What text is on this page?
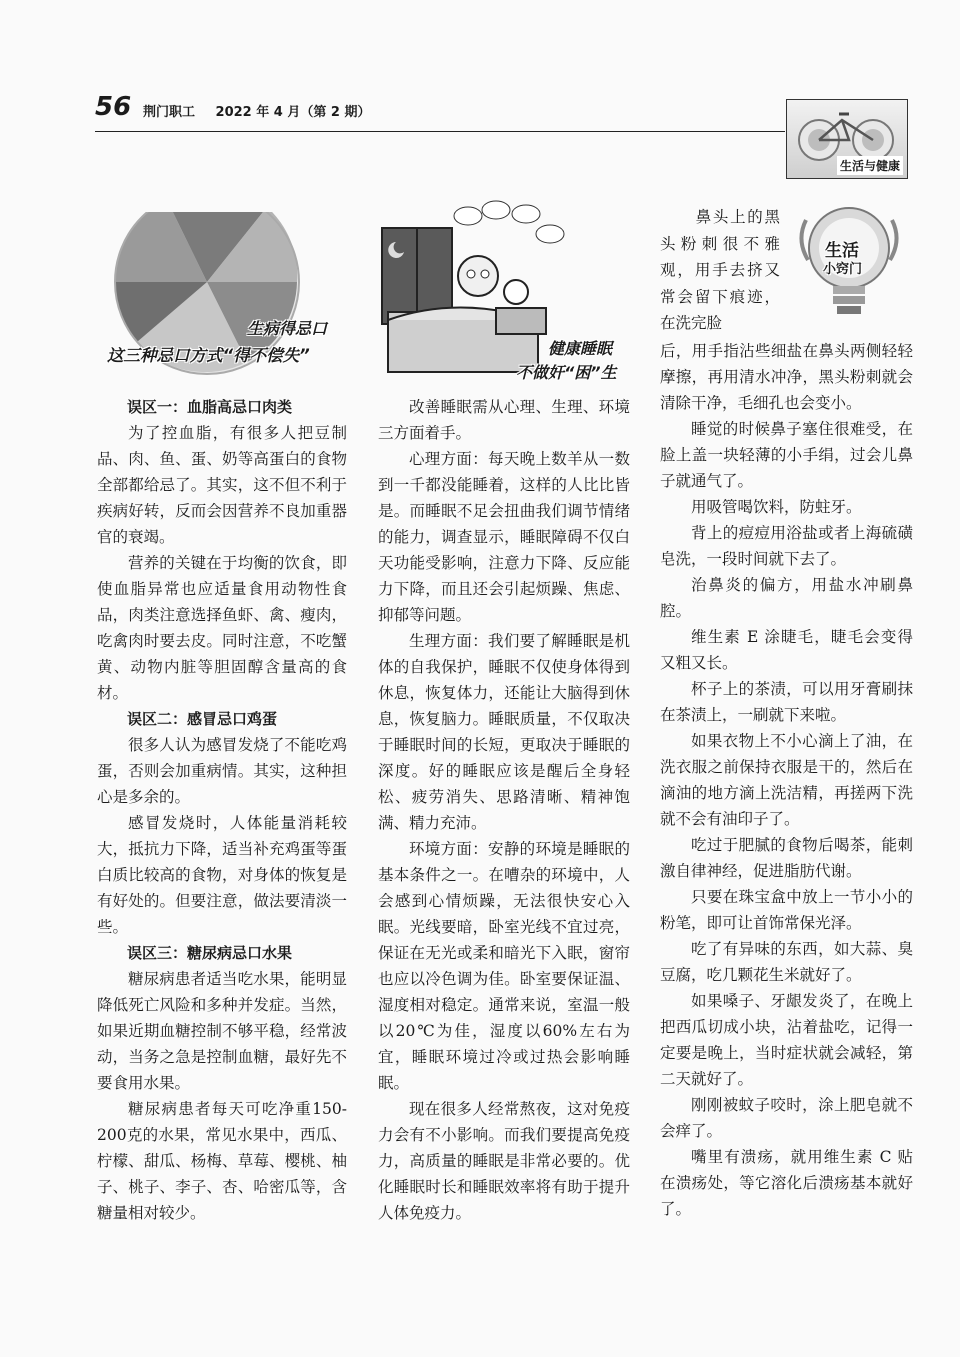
56 荆门职工 2022 年 4 月（第 2 期）
生活与健康
生病得忌口
这三种忌口方式“得不偿失”	健康睡眠
不做奸“困”生
生活
小窍门
误区一：血脂高忌口肉类

为了控血脂，有很多人把豆制品、肉、鱼、蛋、奶等高蛋白的食物全部都给忌了。其实，这不但不利于疾病好转，反而会因营养不良加重器官的衰竭。

营养的关键在于均衡的饮食，即使血脂异常也应适量食用动物性食品，肉类注意选择鱼虾、禽、瘦肉，吃禽肉时要去皮。同时注意，不吃蟹黄、动物内脏等胆固醇含量高的食材。

误区二：感冒忌口鸡蛋

很多人认为感冒发烧了不能吃鸡蛋，否则会加重病情。其实，这种担心是多余的。

感冒发烧时，人体能量消耗较大，抵抗力下降，适当补充鸡蛋等蛋白质比较高的食物，对身体的恢复是有好处的。但要注意，做法要清淡一些。

误区三：糖尿病忌口水果

糖尿病患者适当吃水果，能明显降低死亡风险和多种并发症。当然，如果近期血糖控制不够平稳，经常波动，当务之急是控制血糖，最好先不要食用水果。

糖尿病患者每天可吃净重150-200克的水果，常见水果中，西瓜、柠檬、甜瓜、杨梅、草莓、樱桃、柚子、桃子、李子、杏、哈密瓜等，含糖量相对较少。

改善睡眠需从心理、生理、环境三方面着手。

心理方面：每天晚上数羊从一数到一千都没能睡着，这样的人比比皆是。而睡眠不足会扭曲我们调节情绪的能力，调查显示，睡眠障碍不仅白天功能受影响，注意力下降、反应能力下降，而且还会引起烦躁、焦虑、抑郁等问题。

生理方面：我们要了解睡眠是机体的自我保护，睡眠不仅使身体得到休息，恢复体力，还能让大脑得到休息，恢复脑力。睡眠质量，不仅取决于睡眠时间的长短，更取决于睡眠的深度。好的睡眠应该是醒后全身轻松、疲劳消失、思路清晰、精神饱满、精力充沛。

环境方面：安静的环境是睡眠的基本条件之一。在嘈杂的环境中，人会感到心情烦躁，无法很快安心入眠。光线要暗，卧室光线不宜过亮，保证在无光或柔和暗光下入眠，窗帘也应以冷色调为佳。卧室要保证温、湿度相对稳定。通常来说，室温一般以20℃为佳，湿度以60%左右为宜，睡眠环境过冷或过热会影响睡眠。

现在很多人经常熬夜，这对免疫力会有不小影响。而我们要提高免疫力，高质量的睡眠是非常必要的。优化睡眠时长和睡眠效率将有助于提升人体免疫力。

鼻头上的黑头粉刺很不雅观，用手去挤又常会留下痕迹，在洗完脸

后，用手指沾些细盐在鼻头两侧轻轻摩擦，再用清水冲净，黑头粉刺就会清除干净，毛细孔也会变小。

睡觉的时候鼻子塞住很难受，在脸上盖一块轻薄的小手绢，过会儿鼻子就通气了。

用吸管喝饮料，防蛀牙。

背上的痘痘用浴盐或者上海硫磺皂洗，一段时间就下去了。

治鼻炎的偏方，用盐水冲刷鼻腔。

维生素 E 涂睫毛，睫毛会变得又粗又长。

杯子上的茶渍，可以用牙膏刷抹在茶渍上，一刷就下来啦。

如果衣物上不小心滴上了油，在洗衣服之前保持衣服是干的，然后在滴油的地方滴上洗洁精，再搓两下洗就不会有油印子了。

吃过于肥腻的食物后喝茶，能刺激自律神经，促进脂肪代谢。

只要在珠宝盒中放上一节小小的粉笔，即可让首饰常保光泽。

吃了有异味的东西，如大蒜、臭豆腐，吃几颗花生米就好了。

如果嗓子、牙龈发炎了，在晚上把西瓜切成小块，沾着盐吃，记得一定要是晚上，当时症状就会减轻，第二天就好了。

刚刚被蚊子咬时，涂上肥皂就不会痒了。

嘴里有溃疡，就用维生素 C 贴在溃疡处，等它溶化后溃疡基本就好了。
